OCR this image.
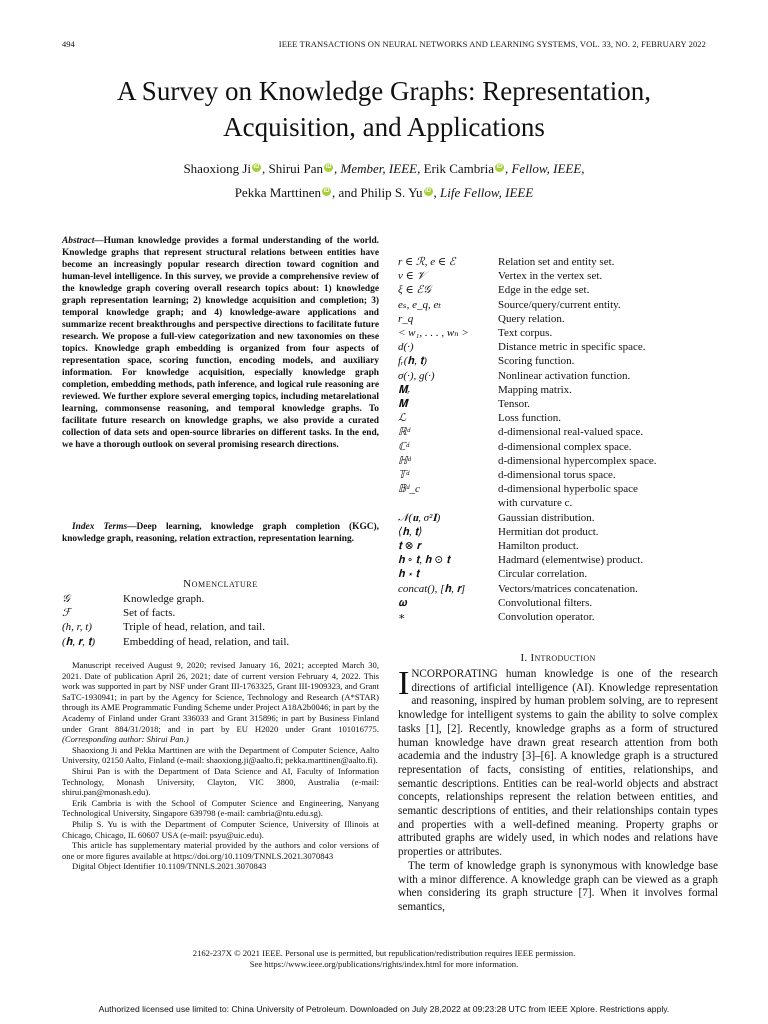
494	IEEE TRANSACTIONS ON NEURAL NETWORKS AND LEARNING SYSTEMS, VOL. 33, NO. 2, FEBRUARY 2022
A Survey on Knowledge Graphs: Representation,
Acquisition, and Applications
Shaoxiong Ji iD , Shirui Pan iD , Member, IEEE, Erik Cambria iD , Fellow, IEEE,
Pekka Marttinen iD , and Philip S. Yu iD , Life Fellow, IEEE
Abstract—Human knowledge provides a formal understanding of the world. Knowledge graphs that represent structural relations between entities have become an increasingly popular research direction toward cognition and human-level intelligence. In this survey, we provide a comprehensive review of the knowledge graph covering overall research topics about: 1) knowledge graph representation learning; 2) knowledge acquisition and completion; 3) temporal knowledge graph; and 4) knowledge-aware applications and summarize recent breakthroughs and perspective directions to facilitate future research. We propose a full-view categorization and new taxonomies on these topics. Knowledge graph embedding is organized from four aspects of representation space, scoring function, encoding models, and auxiliary information. For knowledge acquisition, especially knowledge graph completion, embedding methods, path inference, and logical rule reasoning are reviewed. We further explore several emerging topics, including metarelational learning, commonsense reasoning, and temporal knowledge graphs. To facilitate future research on knowledge graphs, we also provide a curated collection of data sets and open-source libraries on different tasks. In the end, we have a thorough outlook on several promising research directions.
Index Terms—Deep learning, knowledge graph completion (KGC), knowledge graph, reasoning, relation extraction, representation learning.
Nomenclature
𝒢	Knowledge graph.
ℱ	Set of facts.
(h, r, t)	Triple of head, relation, and tail.
(𝐡, 𝐫, 𝐭)	Embedding of head, relation, and tail.
r ∈ ℛ, e ∈ ℰ	Relation set and entity set.
v ∈ 𝒱	Vertex in the vertex set.
ξ ∈ ℰ𝒢	Edge in the edge set.
eₛ, e_q, eₜ	Source/query/current entity.
r_q	Query relation.
< w₁, . . . , wₙ >	Text corpus.
d(·)	Distance metric in specific space.
fᵣ(𝐡, 𝐭)	Scoring function.
σ(·), g(·)	Nonlinear activation function.
𝐌ᵣ	Mapping matrix.
𝐌̂	Tensor.
ℒ	Loss function.
ℝᵈ	d-dimensional real-valued space.
ℂᵈ	d-dimensional complex space.
ℍᵈ	d-dimensional hypercomplex space.
𝕋ᵈ	d-dimensional torus space.
𝔹ᵈ_c	d-dimensional hyperbolic space
with curvature c.
𝒩(𝐮, σ²𝐈)	Gaussian distribution.
⟨𝐡, 𝐭⟩	Hermitian dot product.
𝐭 ⊗ 𝐫	Hamilton product.
𝐡 ∘ 𝐭, 𝐡 ⊙ 𝐭	Hadmard (elementwise) product.
𝐡 ⋆ 𝐭	Circular correlation.
concat(), [𝐡, 𝐫]	Vectors/matrices concatenation.
𝛚	Convolutional filters.
∗	Convolution operator.

Manuscript received August 9, 2020; revised January 16, 2021; accepted March 30, 2021. Date of publication April 26, 2021; date of current version February 4, 2022. This work was supported in part by NSF under Grant III-1763325, Grant III-1909323, and Grant SaTC-1930941; in part by the Agency for Science, Technology and Research (A*STAR) through its AME Programmatic Funding Scheme under Project A18A2b0046; in part by the Academy of Finland under Grant 336033 and Grant 315896; in part by Business Finland under Grant 884/31/2018; and in part by EU H2020 under Grant 101016775. (Corresponding author: Shirui Pan.)

Shaoxiong Ji and Pekka Marttinen are with the Department of Computer Science, Aalto University, 02150 Aalto, Finland (e-mail: shaoxiong.ji@aalto.fi; pekka.marttinen@aalto.fi).

Shirui Pan is with the Department of Data Science and AI, Faculty of Information Technology, Monash University, Clayton, VIC 3800, Australia (e-mail: shirui.pan@monash.edu).

Erik Cambria is with the School of Computer Science and Engineering, Nanyang Technological University, Singapore 639798 (e-mail: cambria@ntu.edu.sg).

Philip S. Yu is with the Department of Computer Science, University of Illinois at Chicago, Chicago, IL 60607 USA (e-mail: psyu@uic.edu).

This article has supplementary material provided by the authors and color versions of one or more figures available at https://doi.org/10.1109/TNNLS.2021.3070843

Digital Object Identifier 10.1109/TNNLS.2021.3070843

I. Introduction

INCORPORATING human knowledge is one of the research directions of artificial intelligence (AI). Knowledge representation and reasoning, inspired by human problem solving, are to represent knowledge for intelligent systems to gain the ability to solve complex tasks [1], [2]. Recently, knowledge graphs as a form of structured human knowledge have drawn great research attention from both academia and the industry [3]–[6]. A knowledge graph is a structured representation of facts, consisting of entities, relationships, and semantic descriptions. Entities can be real-world objects and abstract concepts, relationships represent the relation between entities, and semantic descriptions of entities, and their relationships contain types and properties with a well-defined meaning. Property graphs or attributed graphs are widely used, in which nodes and relations have properties or attributes.

The term of knowledge graph is synonymous with knowledge base with a minor difference. A knowledge graph can be viewed as a graph when considering its graph structure [7]. When it involves formal semantics,

2162-237X © 2021 IEEE. Personal use is permitted, but republication/redistribution requires IEEE permission.
See https://www.ieee.org/publications/rights/index.html for more information.
Authorized licensed use limited to: China University of Petroleum. Downloaded on July 28,2022 at 09:23:28 UTC from IEEE Xplore. Restrictions apply.
